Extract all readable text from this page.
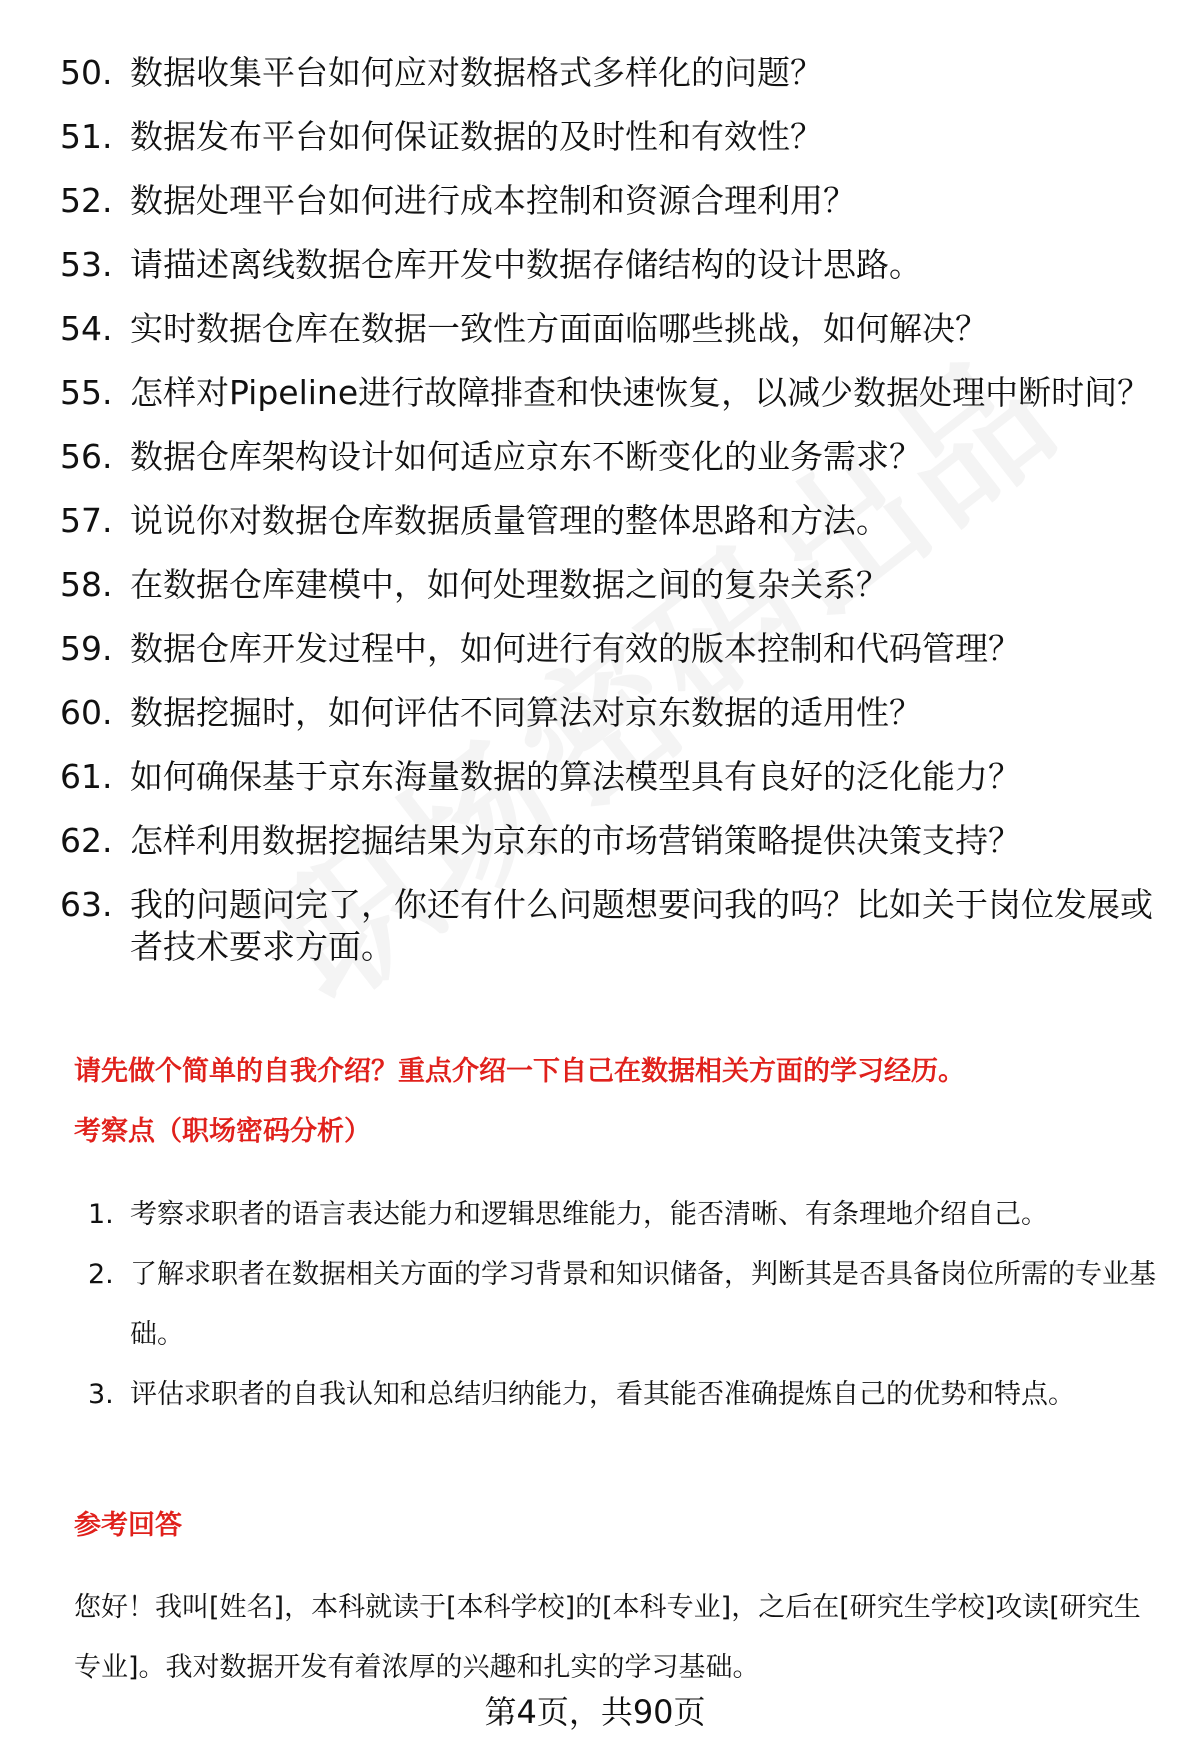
50. 数据收集平台如何应对数据格式多样化的问题？
51. 数据发布平台如何保证数据的及时性和有效性？
52. 数据处理平台如何进行成本控制和资源合理利用？
53. 请描述离线数据仓库开发中数据存储结构的设计思路。
54. 实时数据仓库在数据一致性方面面临哪些挑战，如何解决？
55. 怎样对Pipeline进行故障排查和快速恢复，以减少数据处理中断时间？
56. 数据仓库架构设计如何适应京东不断变化的业务需求？
57. 说说你对数据仓库数据质量管理的整体思路和方法。
58. 在数据仓库建模中，如何处理数据之间的复杂关系？
59. 数据仓库开发过程中，如何进行有效的版本控制和代码管理？
60. 数据挖掘时，如何评估不同算法对京东数据的适用性？
61. 如何确保基于京东海量数据的算法模型具有良好的泛化能力？
62. 怎样利用数据挖掘结果为京东的市场营销策略提供决策支持？
63. 我的问题问完了，你还有什么问题想要问我的吗？比如关于岗位发展或者技术要求方面。
请先做个简单的自我介绍？重点介绍一下自己在数据相关方面的学习经历。
考察点（职场密码分析）
1. 考察求职者的语言表达能力和逻辑思维能力，能否清晰、有条理地介绍自己。
2. 了解求职者在数据相关方面的学习背景和知识储备，判断其是否具备岗位所需的专业基础。
3. 评估求职者的自我认知和总结归纳能力，看其能否准确提炼自己的优势和特点。
参考回答
您好！我叫[姓名]，本科就读于[本科学校]的[本科专业]，之后在[研究生学校]攻读[研究生专业]。我对数据开发有着浓厚的兴趣和扎实的学习基础。
第4页，共90页
